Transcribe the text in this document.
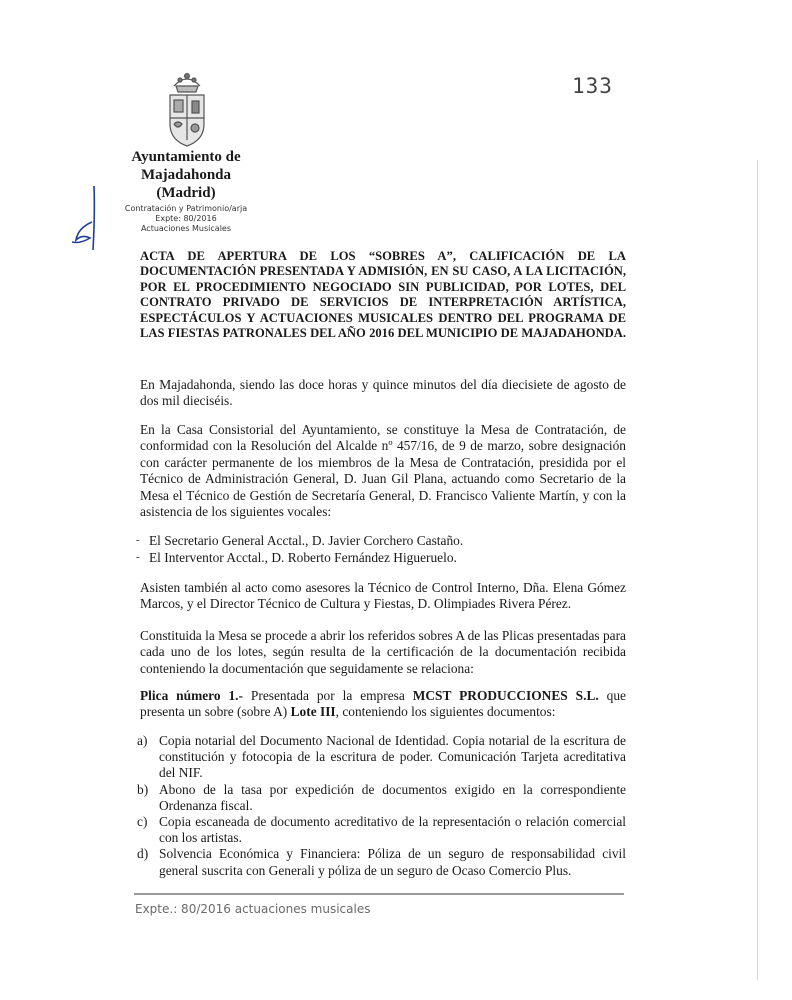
133

Ayuntamiento de

Majadahonda

(Madrid)

Contratación y Patrimonio/arja

Expte: 80/2016

Actuaciones Musicales

ACTA DE APERTURA DE LOS “SOBRES A”, CALIFICACIÓN DE LA DOCUMENTACIÓN PRESENTADA Y ADMISIÓN, EN SU CASO, A LA LICITACIÓN, POR EL PROCEDIMIENTO NEGOCIADO SIN PUBLICIDAD, POR LOTES, DEL CONTRATO PRIVADO DE SERVICIOS DE INTERPRETACIÓN ARTÍSTICA, ESPECTÁCULOS Y ACTUACIONES MUSICALES DENTRO DEL PROGRAMA DE LAS FIESTAS PATRONALES DEL AÑO 2016 DEL MUNICIPIO DE MAJADAHONDA.

En Majadahonda, siendo las doce horas y quince minutos del día diecisiete de agosto de dos mil dieciséis.

En la Casa Consistorial del Ayuntamiento, se constituye la Mesa de Contratación, de conformidad con la Resolución del Alcalde nº 457/16, de 9 de marzo, sobre designación con carácter permanente de los miembros de la Mesa de Contratación, presidida por el Técnico de Administración General, D. Juan Gil Plana, actuando como Secretario de la Mesa el Técnico de Gestión de Secretaría General, D. Francisco Valiente Martín, y con la asistencia de los siguientes vocales:

- El Secretario General Acctal., D. Javier Corchero Castaño.
- El Interventor Acctal., D. Roberto Fernández Higueruelo.

Asisten también al acto como asesores la Técnico de Control Interno, Dña. Elena Gómez Marcos, y el Director Técnico de Cultura y Fiestas, D. Olimpiades Rivera Pérez.

Constituida la Mesa se procede a abrir los referidos sobres A de las Plicas presentadas para cada uno de los lotes, según resulta de la certificación de la documentación recibida conteniendo la documentación que seguidamente se relaciona:

Plica número 1.- Presentada por la empresa MCST PRODUCCIONES S.L. que presenta un sobre (sobre A) Lote III, conteniendo los siguientes documentos:

a) Copia notarial del Documento Nacional de Identidad. Copia notarial de la escritura de constitución y fotocopia de la escritura de poder. Comunicación Tarjeta acreditativa del NIF.
b) Abono de la tasa por expedición de documentos exigido en la correspondiente Ordenanza fiscal.
c) Copia escaneada de documento acreditativo de la representación o relación comercial con los artistas.
d) Solvencia Económica y Financiera: Póliza de un seguro de responsabilidad civil general suscrita con Generali y póliza de un seguro de Ocaso Comercio Plus.
Expte.: 80/2016 actuaciones musicales
